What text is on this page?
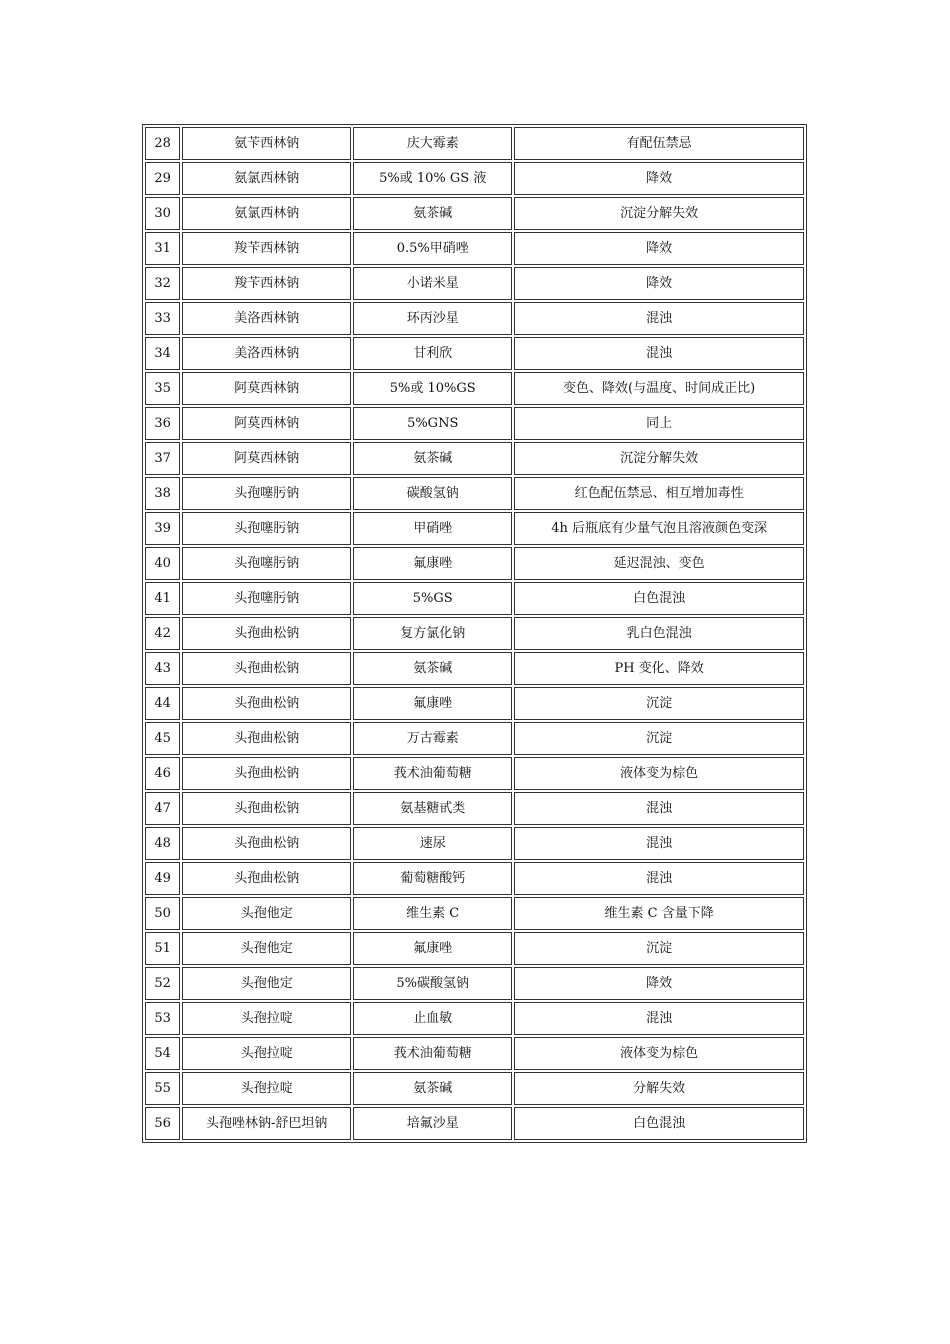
28	氨苄西林钠	庆大霉素	有配伍禁忌
29	氨氯西林钠	5%或 10% GS 液	降效
30	氨氯西林钠	氨茶碱	沉淀分解失效
31	羧苄西林钠	0.5%甲硝唑	降效
32	羧苄西林钠	小诺米星	降效
33	美洛西林钠	环丙沙星	混浊
34	美洛西林钠	甘利欣	混浊
35	阿莫西林钠	5%或 10%GS	变色、降效(与温度、时间成正比)
36	阿莫西林钠	5%GNS	同上
37	阿莫西林钠	氨茶碱	沉淀分解失效
38	头孢噻肟钠	碳酸氢钠	红色配伍禁忌、相互增加毒性
39	头孢噻肟钠	甲硝唑	4h 后瓶底有少量气泡且溶液颜色变深
40	头孢噻肟钠	氟康唑	延迟混浊、变色
41	头孢噻肟钠	5%GS	白色混浊
42	头孢曲松钠	复方氯化钠	乳白色混浊
43	头孢曲松钠	氨茶碱	PH 变化、降效
44	头孢曲松钠	氟康唑	沉淀
45	头孢曲松钠	万古霉素	沉淀
46	头孢曲松钠	莪术油葡萄糖	液体变为棕色
47	头孢曲松钠	氨基糖甙类	混浊
48	头孢曲松钠	速尿	混浊
49	头孢曲松钠	葡萄糖酸钙	混浊
50	头孢他定	维生素 C	维生素 C 含量下降
51	头孢他定	氟康唑	沉淀
52	头孢他定	5%碳酸氢钠	降效
53	头孢拉啶	止血敏	混浊
54	头孢拉啶	莪术油葡萄糖	液体变为棕色
55	头孢拉啶	氨茶碱	分解失效
56	头孢唑林钠-舒巴坦钠	培氟沙星	白色混浊
